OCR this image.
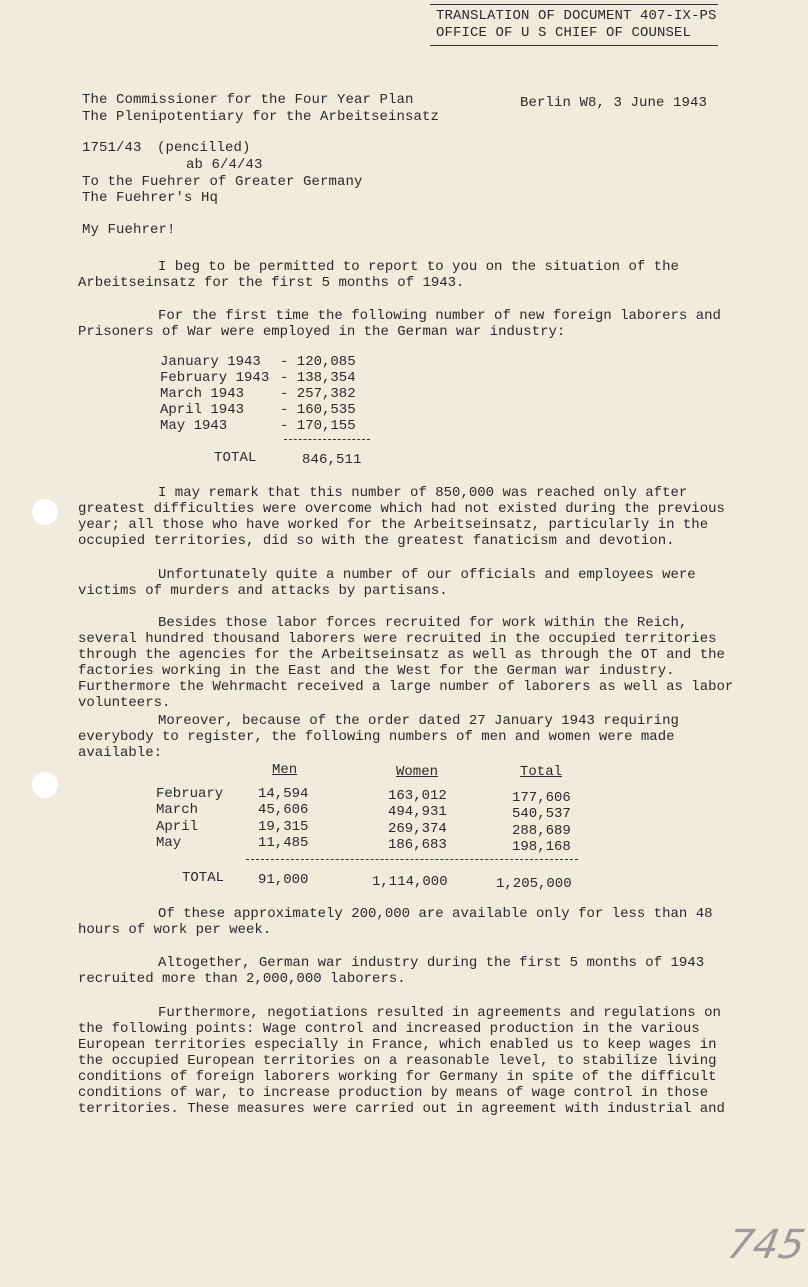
TRANSLATION OF DOCUMENT 407-IX-PS
OFFICE OF U S CHIEF OF COUNSEL
The Commissioner for the Four Year Plan
The Plenipotentiary for the Arbeitseinsatz
Berlin W8, 3 June 1943
1751/43 (pencilled)
ab 6/4/43
To the Fuehrer of Greater Germany
The Fuehrer's Hq
My Fuehrer!
I beg to be permitted to report to you on the situation of the Arbeitseinsatz for the first 5 months of 1943.
For the first time the following number of new foreign laborers and Prisoners of War were employed in the German war industry:
January 1943 - 120,085
February 1943 - 138,354
March 1943	- 257,382
April 1943	- 160,535
May 1943	- 170,155
TOTAL	846,511
I may remark that this number of 850,000 was reached only after greatest difficulties were overcome which had not existed during the previous year; all those who have worked for the Arbeitseinsatz, particularly in the occupied territories, did so with the greatest fanaticism and devotion.
Unfortunately quite a number of our officials and employees were victims of murders and attacks by partisans.
Besides those labor forces recruited for work within the Reich, several hundred thousand laborers were recruited in the occupied territories through the agencies for the Arbeitseinsatz as well as through the OT and the factories working in the East and the West for the German war industry. Furthermore the Wehrmacht received a large number of laborers as well as labor volunteers.
Moreover, because of the order dated 27 January 1943 requiring everybody to register, the following numbers of men and women were made available:
Men	Women	Total
February 14,594	163,012	177,606
March	45,606	494,931	540,537
April	19,315	269,374	288,689
May	11,485	186,683	198,168
TOTAL 91,000	1,114,000	1,205,000
Of these approximately 200,000 are available only for less than 48 hours of work per week.
Altogether, German war industry during the first 5 months of 1943 recruited more than 2,000,000 laborers.
Furthermore, negotiations resulted in agreements and regulations on the following points: Wage control and increased production in the various European territories especially in France, which enabled us to keep wages in the occupied European territories on a reasonable level, to stabilize living conditions of foreign laborers working for Germany in spite of the difficult conditions of war, to increase production by means of wage control in those territories. These measures were carried out in agreement with industrial and
745
